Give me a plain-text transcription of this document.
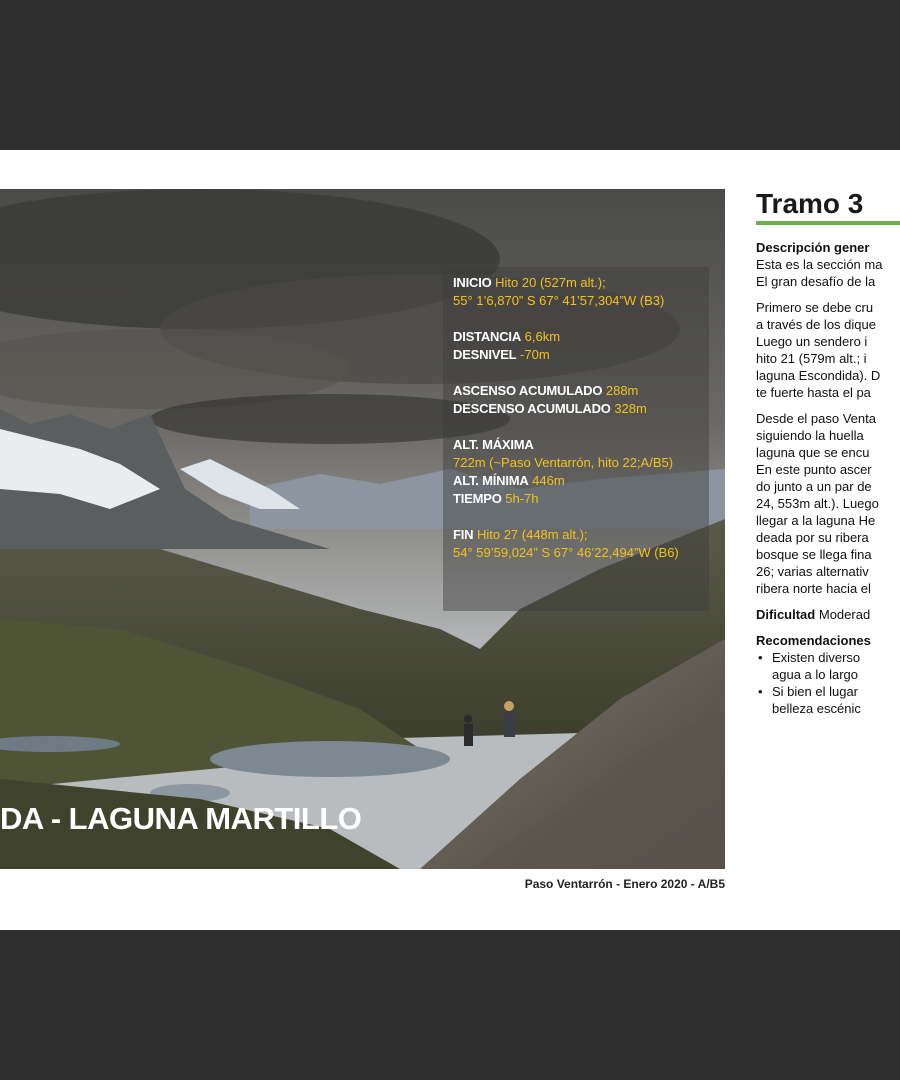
INICIO Hito 20 (527m alt.);
55° 1’6,870” S 67° 41’57,304”W (B3)
DISTANCIA 6,6km
DESNIVEL -70m
ASCENSO ACUMULADO 288m
DESCENSO ACUMULADO 328m
ALT. MÁXIMA
722m (~Paso Ventarrón, hito 22;A/B5)
ALT. MÍNIMA 446m
TIEMPO 5h-7h
FIN Hito 27 (448m alt.);
54° 59’59,024” S 67° 46’22,494”W (B6)
DA - LAGUNA MARTILLO
Paso Ventarrón - Enero 2020 - A/B5
Tramo 3
Descripción gener

Esta es la sección ma
El gran desafío de la

Primero se debe cru
a través de los dique
Luego un sendero i
hito 21 (579m alt.; i
laguna Escondida). D
te fuerte hasta el pa

Desde el paso Venta
siguiendo la huella
laguna que se encu
En este punto ascer
do junto a un par de
24, 553m alt.). Luego
llegar a la laguna He
deada por su ribera
bosque se llega fina
26; varias alternativ
ribera norte hacia el

Dificultad Moderad

Recomendaciones
• Existen diverso
agua a lo largo
• Si bien el lugar
belleza escénic
